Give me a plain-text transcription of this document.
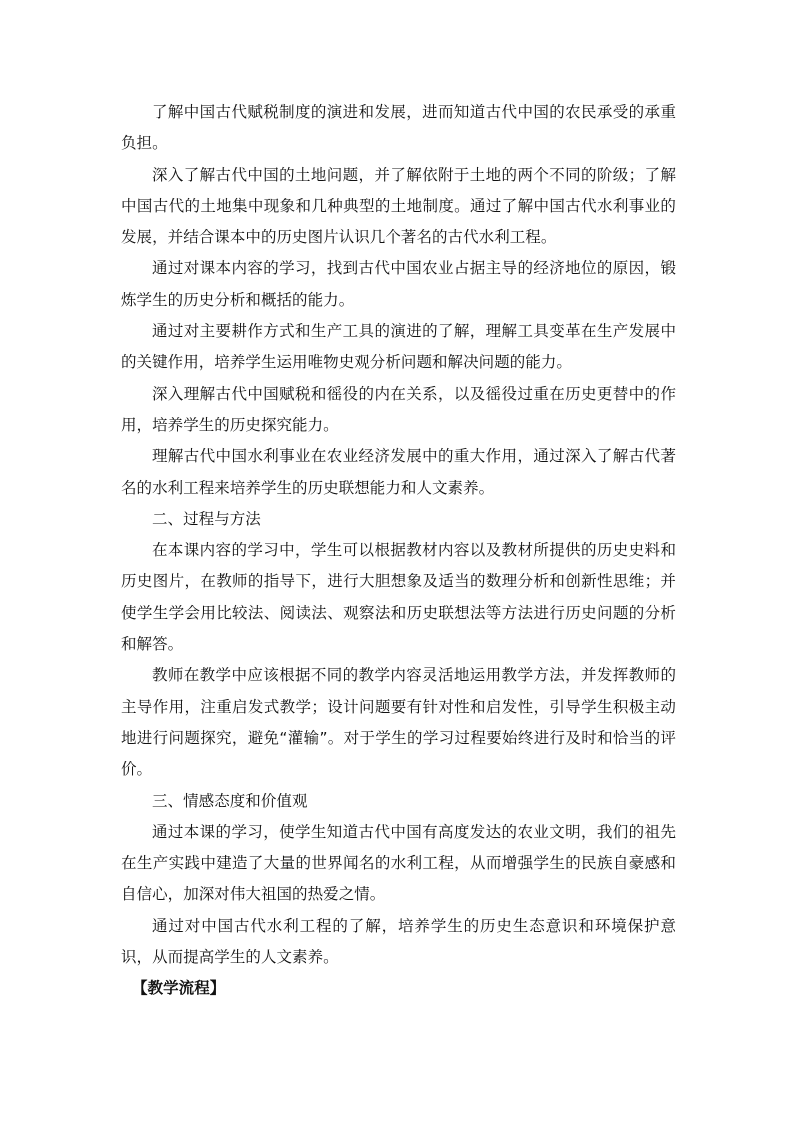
了解中国古代赋税制度的演进和发展，进而知道古代中国的农民承受的承重负担。

深入了解古代中国的土地问题，并了解依附于土地的两个不同的阶级；了解中国古代的土地集中现象和几种典型的土地制度。通过了解中国古代水利事业的发展，并结合课本中的历史图片认识几个著名的古代水利工程。

通过对课本内容的学习，找到古代中国农业占据主导的经济地位的原因，锻炼学生的历史分析和概括的能力。

通过对主要耕作方式和生产工具的演进的了解，理解工具变革在生产发展中的关键作用，培养学生运用唯物史观分析问题和解决问题的能力。

深入理解古代中国赋税和徭役的内在关系，以及徭役过重在历史更替中的作用，培养学生的历史探究能力。

理解古代中国水利事业在农业经济发展中的重大作用，通过深入了解古代著名的水利工程来培养学生的历史联想能力和人文素养。

二、过程与方法

在本课内容的学习中，学生可以根据教材内容以及教材所提供的历史史料和历史图片，在教师的指导下，进行大胆想象及适当的数理分析和创新性思维；并使学生学会用比较法、阅读法、观察法和历史联想法等方法进行历史问题的分析和解答。

教师在教学中应该根据不同的教学内容灵活地运用教学方法，并发挥教师的主导作用，注重启发式教学；设计问题要有针对性和启发性，引导学生积极主动地进行问题探究，避免“灌输”。对于学生的学习过程要始终进行及时和恰当的评价。

三、情感态度和价值观

通过本课的学习，使学生知道古代中国有高度发达的农业文明，我们的祖先在生产实践中建造了大量的世界闻名的水利工程，从而增强学生的民族自豪感和自信心，加深对伟大祖国的热爱之情。

通过对中国古代水利工程的了解，培养学生的历史生态意识和环境保护意识，从而提高学生的人文素养。

【教学流程】
